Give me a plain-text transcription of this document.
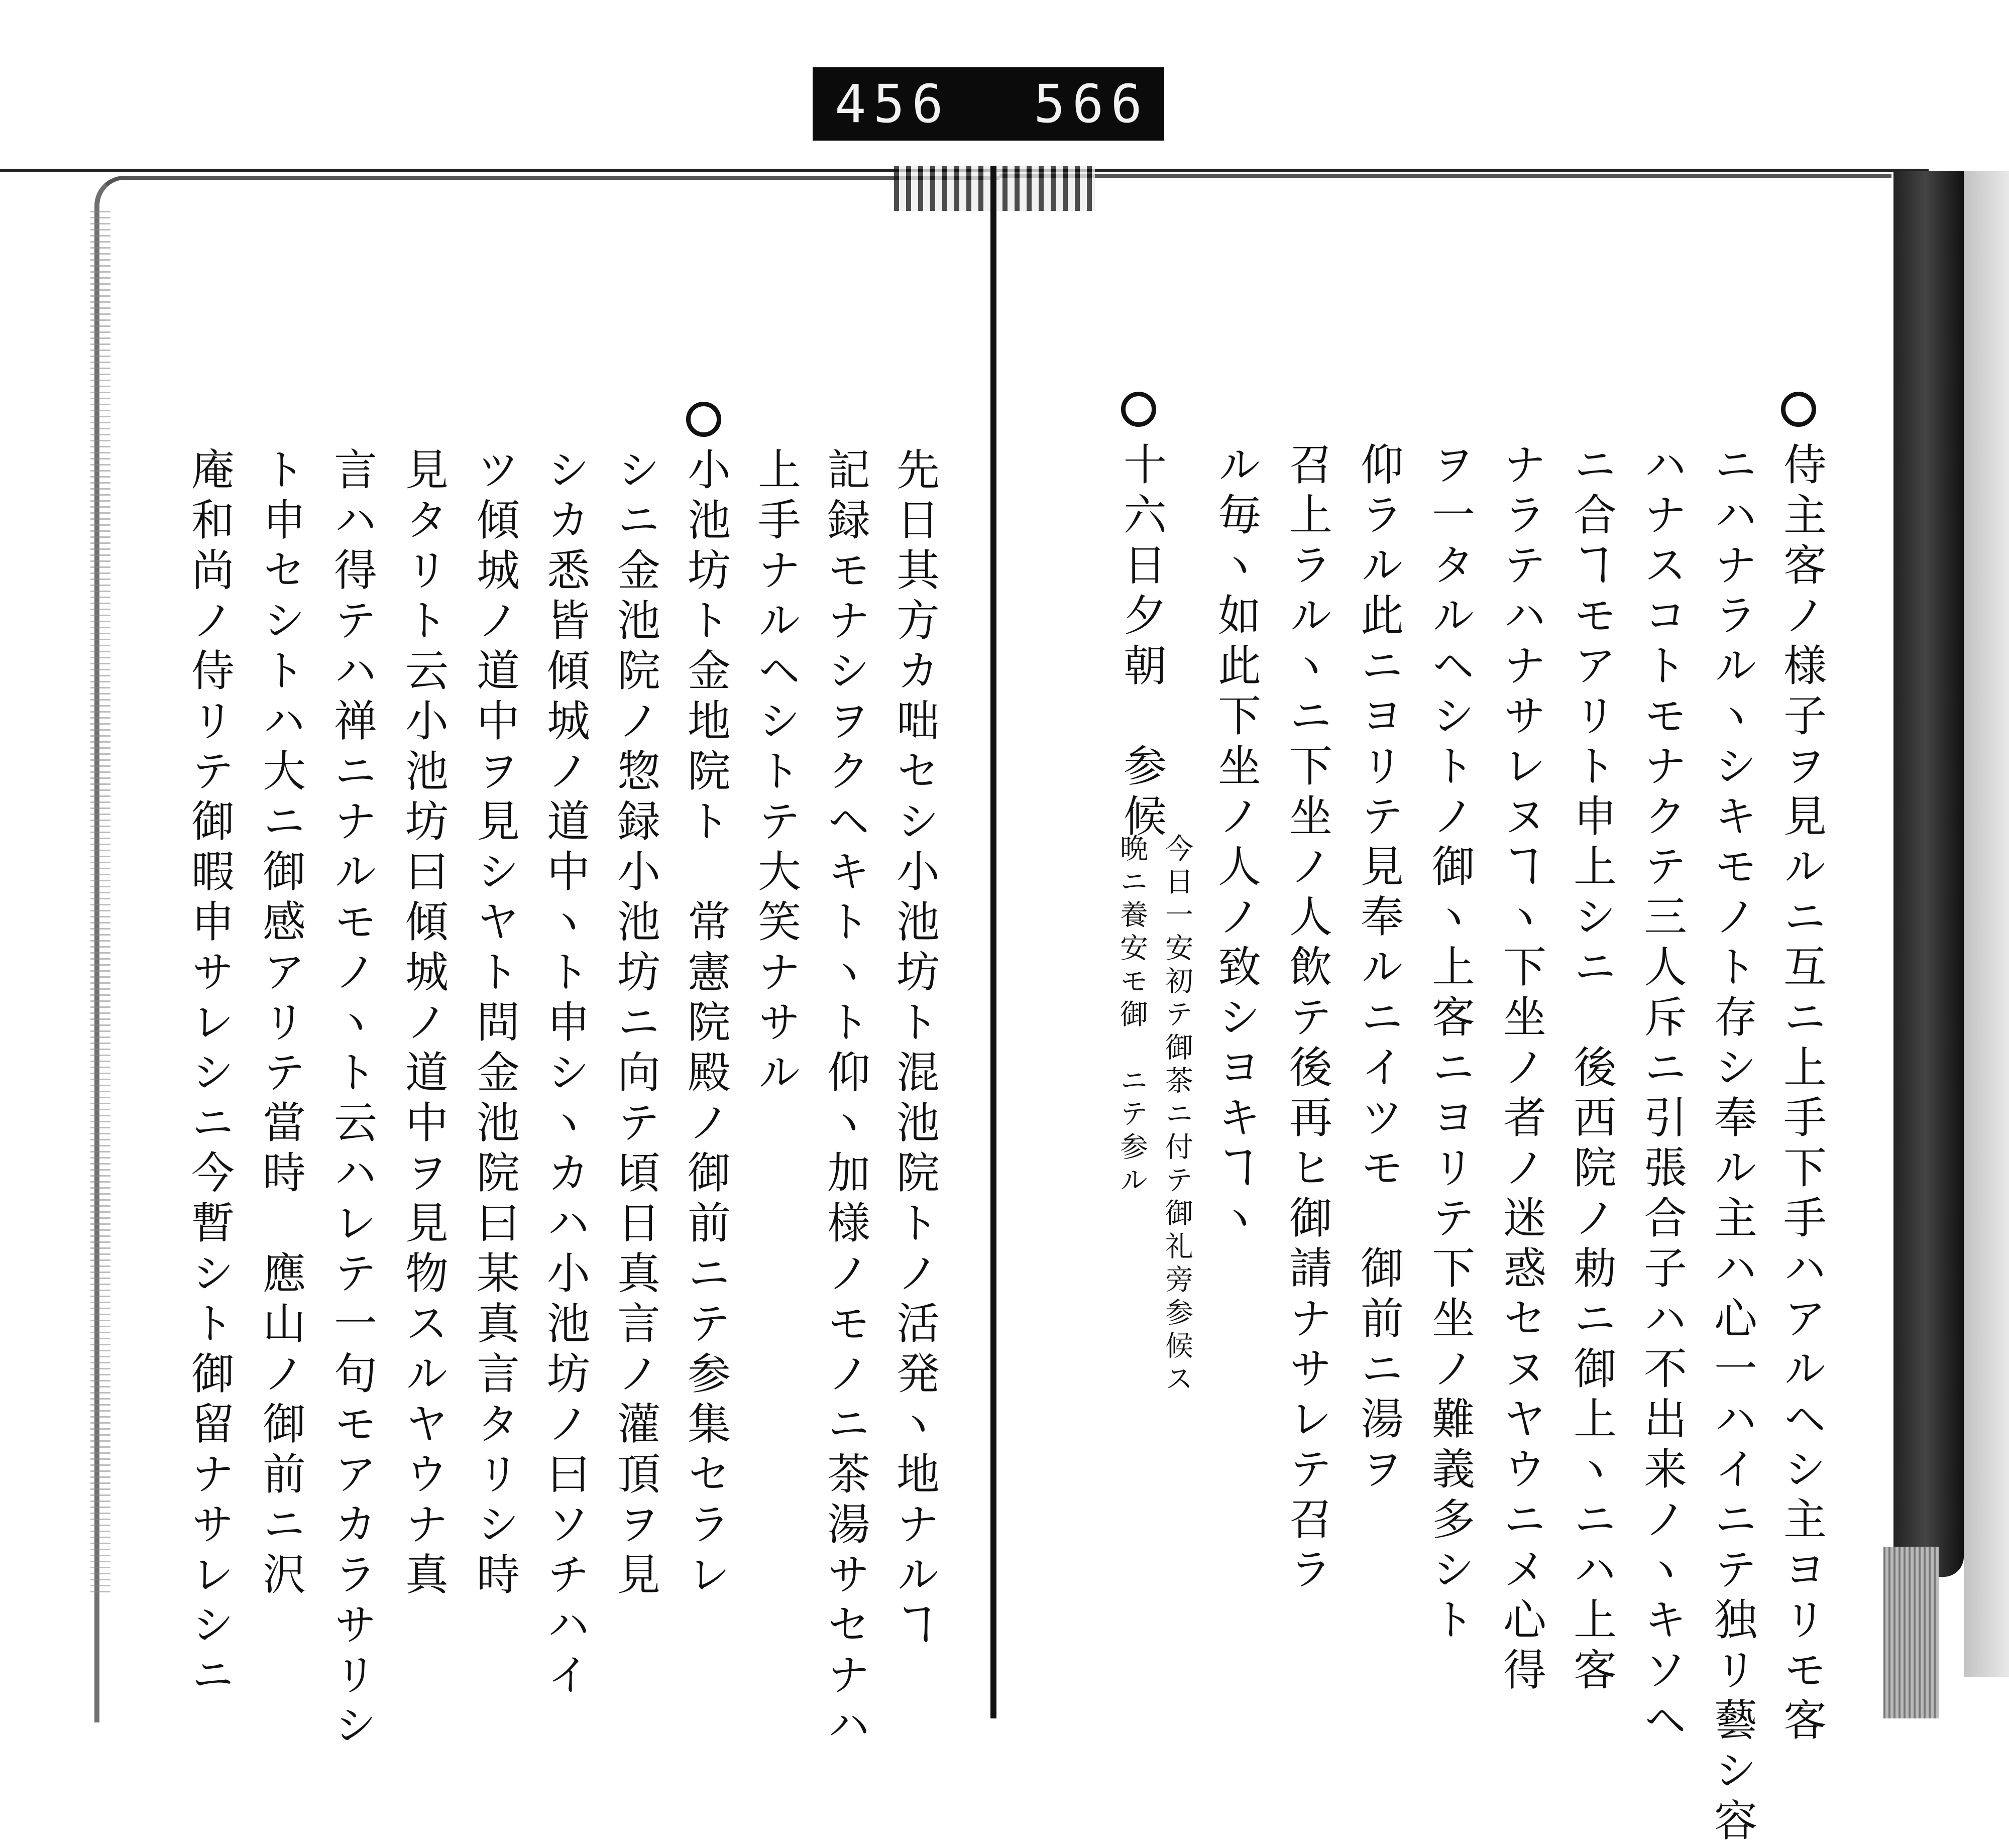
456 566
侍主客ノ様子ヲ見ルニ互ニ上手下手ハアルヘシ主ヨリモ客
ニハナラルヽシキモノト存シ奉ル主ハ心一ハイニテ独リ藝シ容
ハナスコトモナクテ三人斥ニ引張合子ハ不出来ノヽキソヘ
ニ合ヿモアリト申上シニ　後西院ノ勅ニ御上ヽニハ上客
ナラテハナサレヌヿヽ下坐ノ者ノ迷惑セヌヤウニメ心得
ヲ一タルヘシトノ御ヽ上客ニヨリテ下坐ノ難義多シト
仰ラル此ニヨリテ見奉ルニイツモ　御前ニ湯ヲ
召上ラルヽニ下坐ノ人飲テ後再ヒ御請ナサレテ召ラ
ル毎ヽ如此下坐ノ人ノ致シヨキヿヽ
十六日夕朝　参候
今日一安初テ御茶ニ付テ御礼旁参候ス
晩ニ養安モ御　ニテ参ル
先日其方カ咄セシ小池坊ト混池院トノ活発ヽ地ナルヿ
記録モナシヲクヘキトヽト仰ヽ加様ノモノニ茶湯サセナハ
上手ナルヘシトテ大笑ナサル
小池坊ト金地院ト　常憲院殿ノ御前ニテ参集セラレ
シニ金池院ノ惣録小池坊ニ向テ頃日真言ノ灌頂ヲ見
シカ悉皆傾城ノ道中ヽト申シヽカハ小池坊ノ曰ソチハイ
ツ傾城ノ道中ヲ見シヤト問金池院曰某真言タリシ時
見タリト云小池坊曰傾城ノ道中ヲ見物スルヤウナ真
言ハ得テハ禅ニナルモノヽト云ハレテ一句モアカラサリシ
ト申セシトハ大ニ御感アリテ當時　應山ノ御前ニ沢
庵和尚ノ侍リテ御暇申サレシニ今暫シト御留ナサレシニ
